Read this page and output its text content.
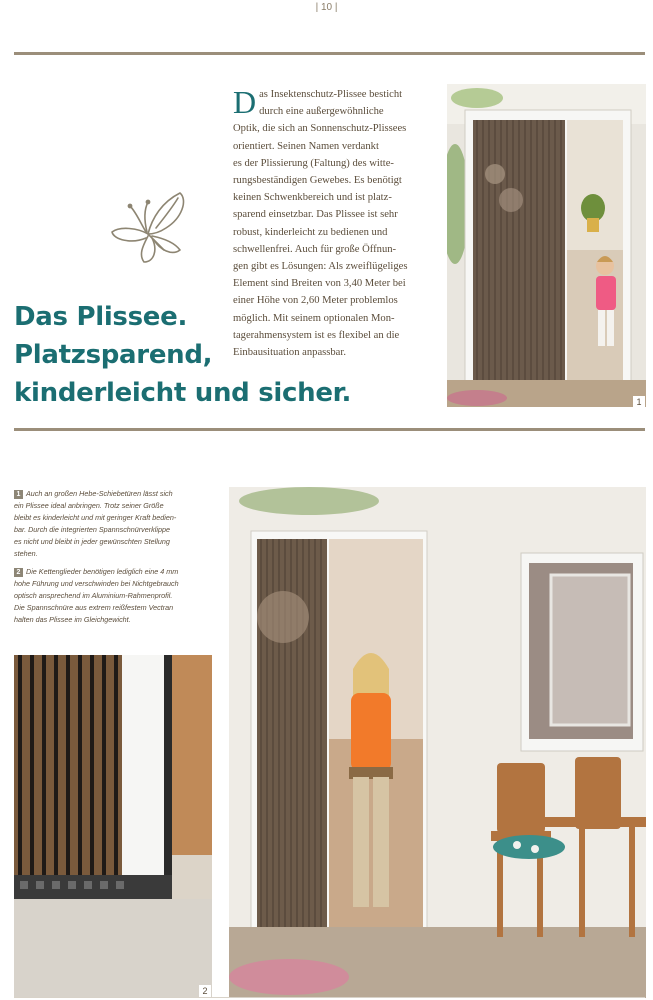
| 10 |
Das Plissee.
Platzsparend,
kinderleicht und sicher.
D as Insektenschutz-Plissee besticht
durch eine außergewöhnliche
Optik, die sich an Sonnenschutz-Plissees
orientiert. Seinen Namen verdankt
es der Plissierung (Faltung) des witte-
rungsbeständigen Gewebes. Es benötigt
keinen Schwenkbereich und ist platz-
sparend einsetzbar. Das Plissee ist sehr
robust, kinderleicht zu bedienen und
schwellenfrei. Auch für große Öffnun-
gen gibt es Lösungen: Als zweiflügeliges
Element sind Breiten von 3,40 Meter bei
einer Höhe von 2,60 Meter problemlos
möglich. Mit seinem optionalen Mon-
tagerahmensystem ist es flexibel an die
Einbausituation anpassbar.
1
1 Auch an großen Hebe-Schiebetüren lässt sich
ein Plissee ideal anbringen. Trotz seiner Größe
bleibt es kinderleicht und mit geringer Kraft bedien-
bar. Durch die integrierten Spannschnürverklippe
es nicht und bleibt in jeder gewünschten Stellung
stehen.
2 Die Kettenglieder benötigen lediglich eine 4 mm
hohe Führung und verschwinden bei Nichtgebrauch
optisch ansprechend im Aluminium-Rahmenprofil.
Die Spannschnüre aus extrem reißfestem Vectran
halten das Plissee im Gleichgewicht.
2
